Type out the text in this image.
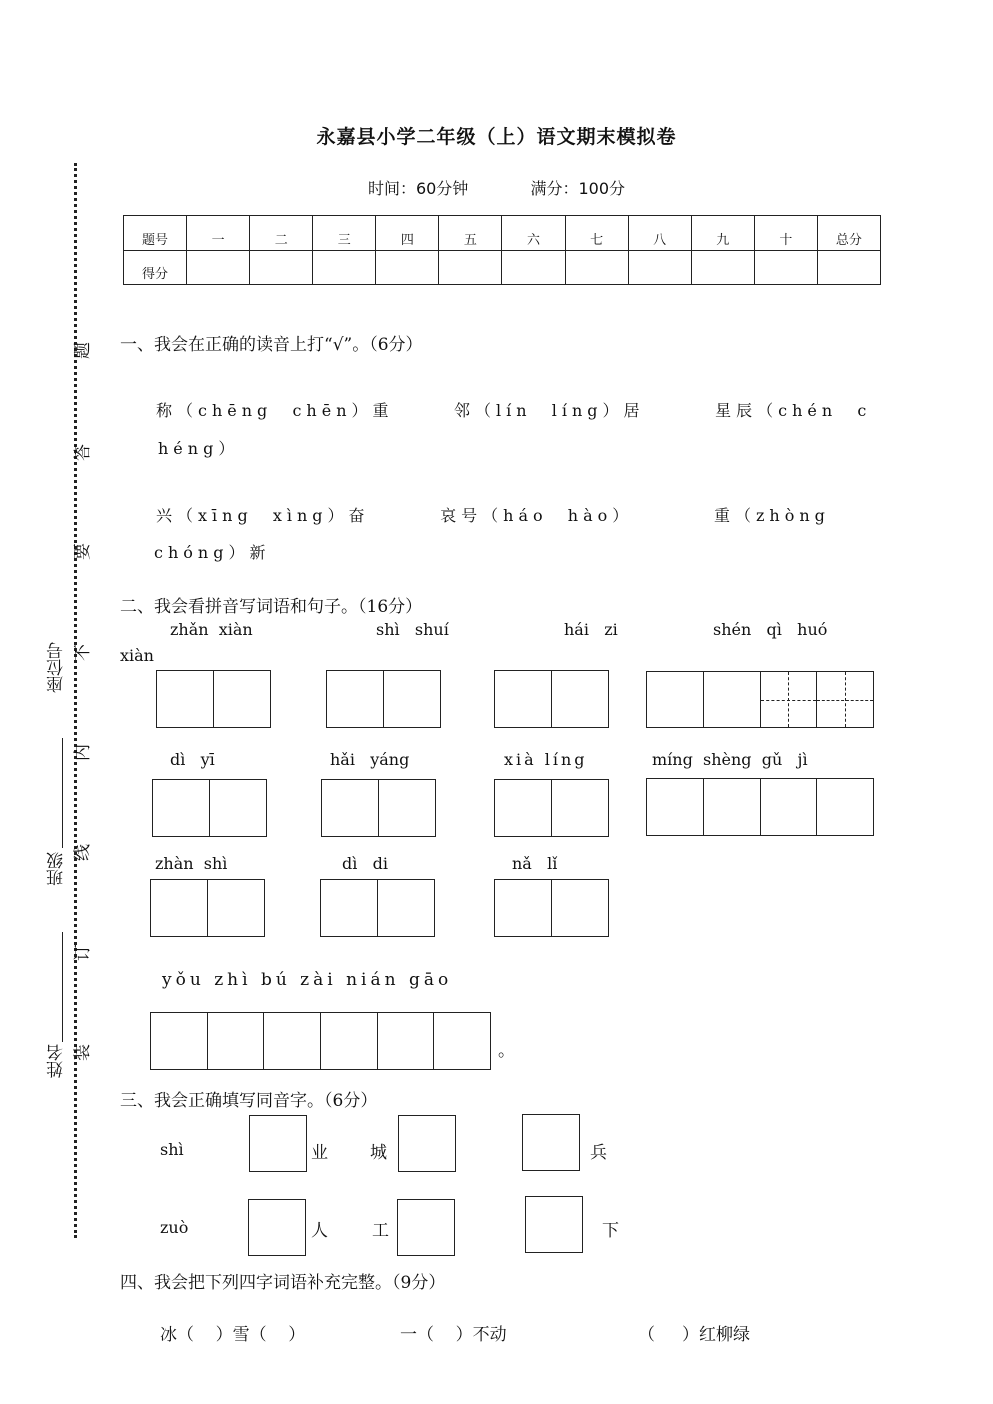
永嘉县小学二年级（上）语文期末模拟卷
时间：60分钟	满分：100分
题号	一	二	三	四	五	六	七	八	九	十	总分
得分											
题
答
要
不
内
线
订
装
座位号
班级
姓名
一、我会在正确的读音上打“√”。（6分）
称（chēng  chēn）重      邻（lín  líng）居       星辰（chén  c
héng）
兴（xīng  xìng）奋       哀号（háo  hào）        重（zhòng
chóng）新
二、我会看拼音写词语和句子。（16分）
zhǎn  xiàn	shì   shuí	hái   zi	shén   qì   huó
xiàn
dì   yī	hǎi   yáng	xià líng	míng  shèng  gǔ   jì
zhàn  shì	dì   di	nǎ   lǐ
yǒu zhì bú zài nián gāo
。
三、我会正确填写同音字。（6分）
shì	业 城	兵
zuò	人	工	下
四、我会把下列四字词语补充完整。（9分）
冰（    ）雪（    ）	一（    ）不动	（     ）红柳绿
